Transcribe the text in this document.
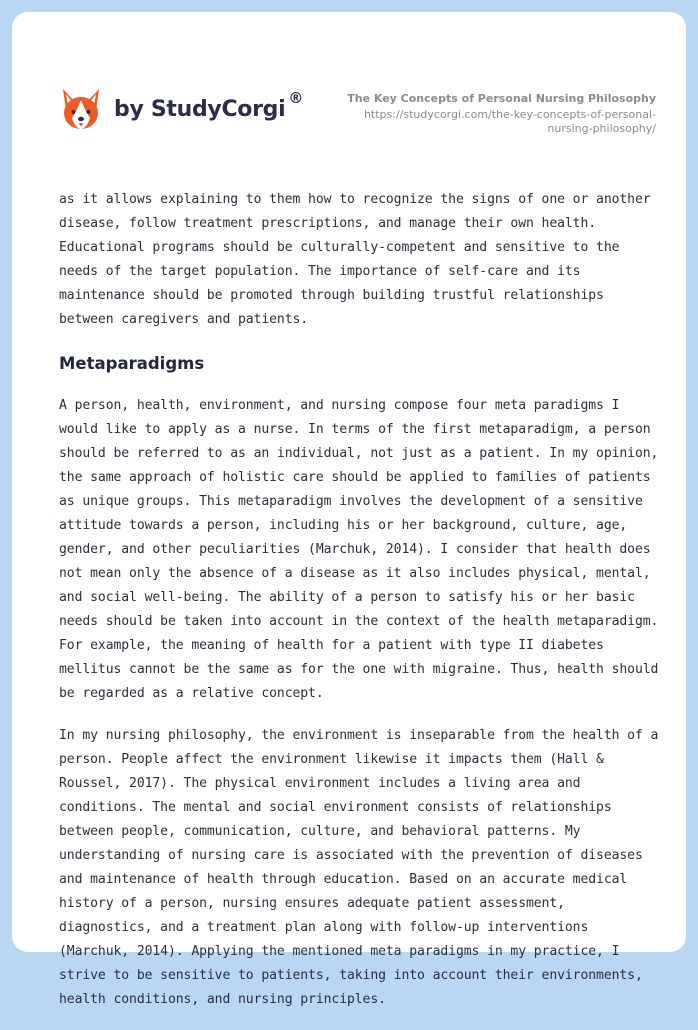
by StudyCorgi ®	The Key Concepts of Personal Nursing Philosophy
https://studycorgi.com/the-key-concepts-of-personal-
nursing-philosophy/

as it allows explaining to them how to recognize the signs of one or another disease, follow treatment prescriptions, and manage their own health. Educational programs should be culturally-competent and sensitive to the needs of the target population. The importance of self-care and its maintenance should be promoted through building trustful relationships between caregivers and patients.

Metaparadigms

A person, health, environment, and nursing compose four meta paradigms I would like to apply as a nurse. In terms of the first metaparadigm, a person should be referred to as an individual, not just as a patient. In my opinion, the same approach of holistic care should be applied to families of patients as unique groups. This metaparadigm involves the development of a sensitive attitude towards a person, including his or her background, culture, age, gender, and other peculiarities (Marchuk, 2014). I consider that health does not mean only the absence of a disease as it also includes physical, mental, and social well-being. The ability of a person to satisfy his or her basic needs should be taken into account in the context of the health metaparadigm. For example, the meaning of health for a patient with type II diabetes mellitus cannot be the same as for the one with migraine. Thus, health should be regarded as a relative concept.

In my nursing philosophy, the environment is inseparable from the health of a person. People affect the environment likewise it impacts them (Hall & Roussel, 2017). The physical environment includes a living area and conditions. The mental and social environment consists of relationships between people, communication, culture, and behavioral patterns. My understanding of nursing care is associated with the prevention of diseases and maintenance of health through education. Based on an accurate medical history of a person, nursing ensures adequate patient assessment, diagnostics, and a treatment plan along with follow-up interventions (Marchuk, 2014). Applying the mentioned meta paradigms in my practice, I strive to be sensitive to patients, taking into account their environments, health conditions, and nursing principles.
